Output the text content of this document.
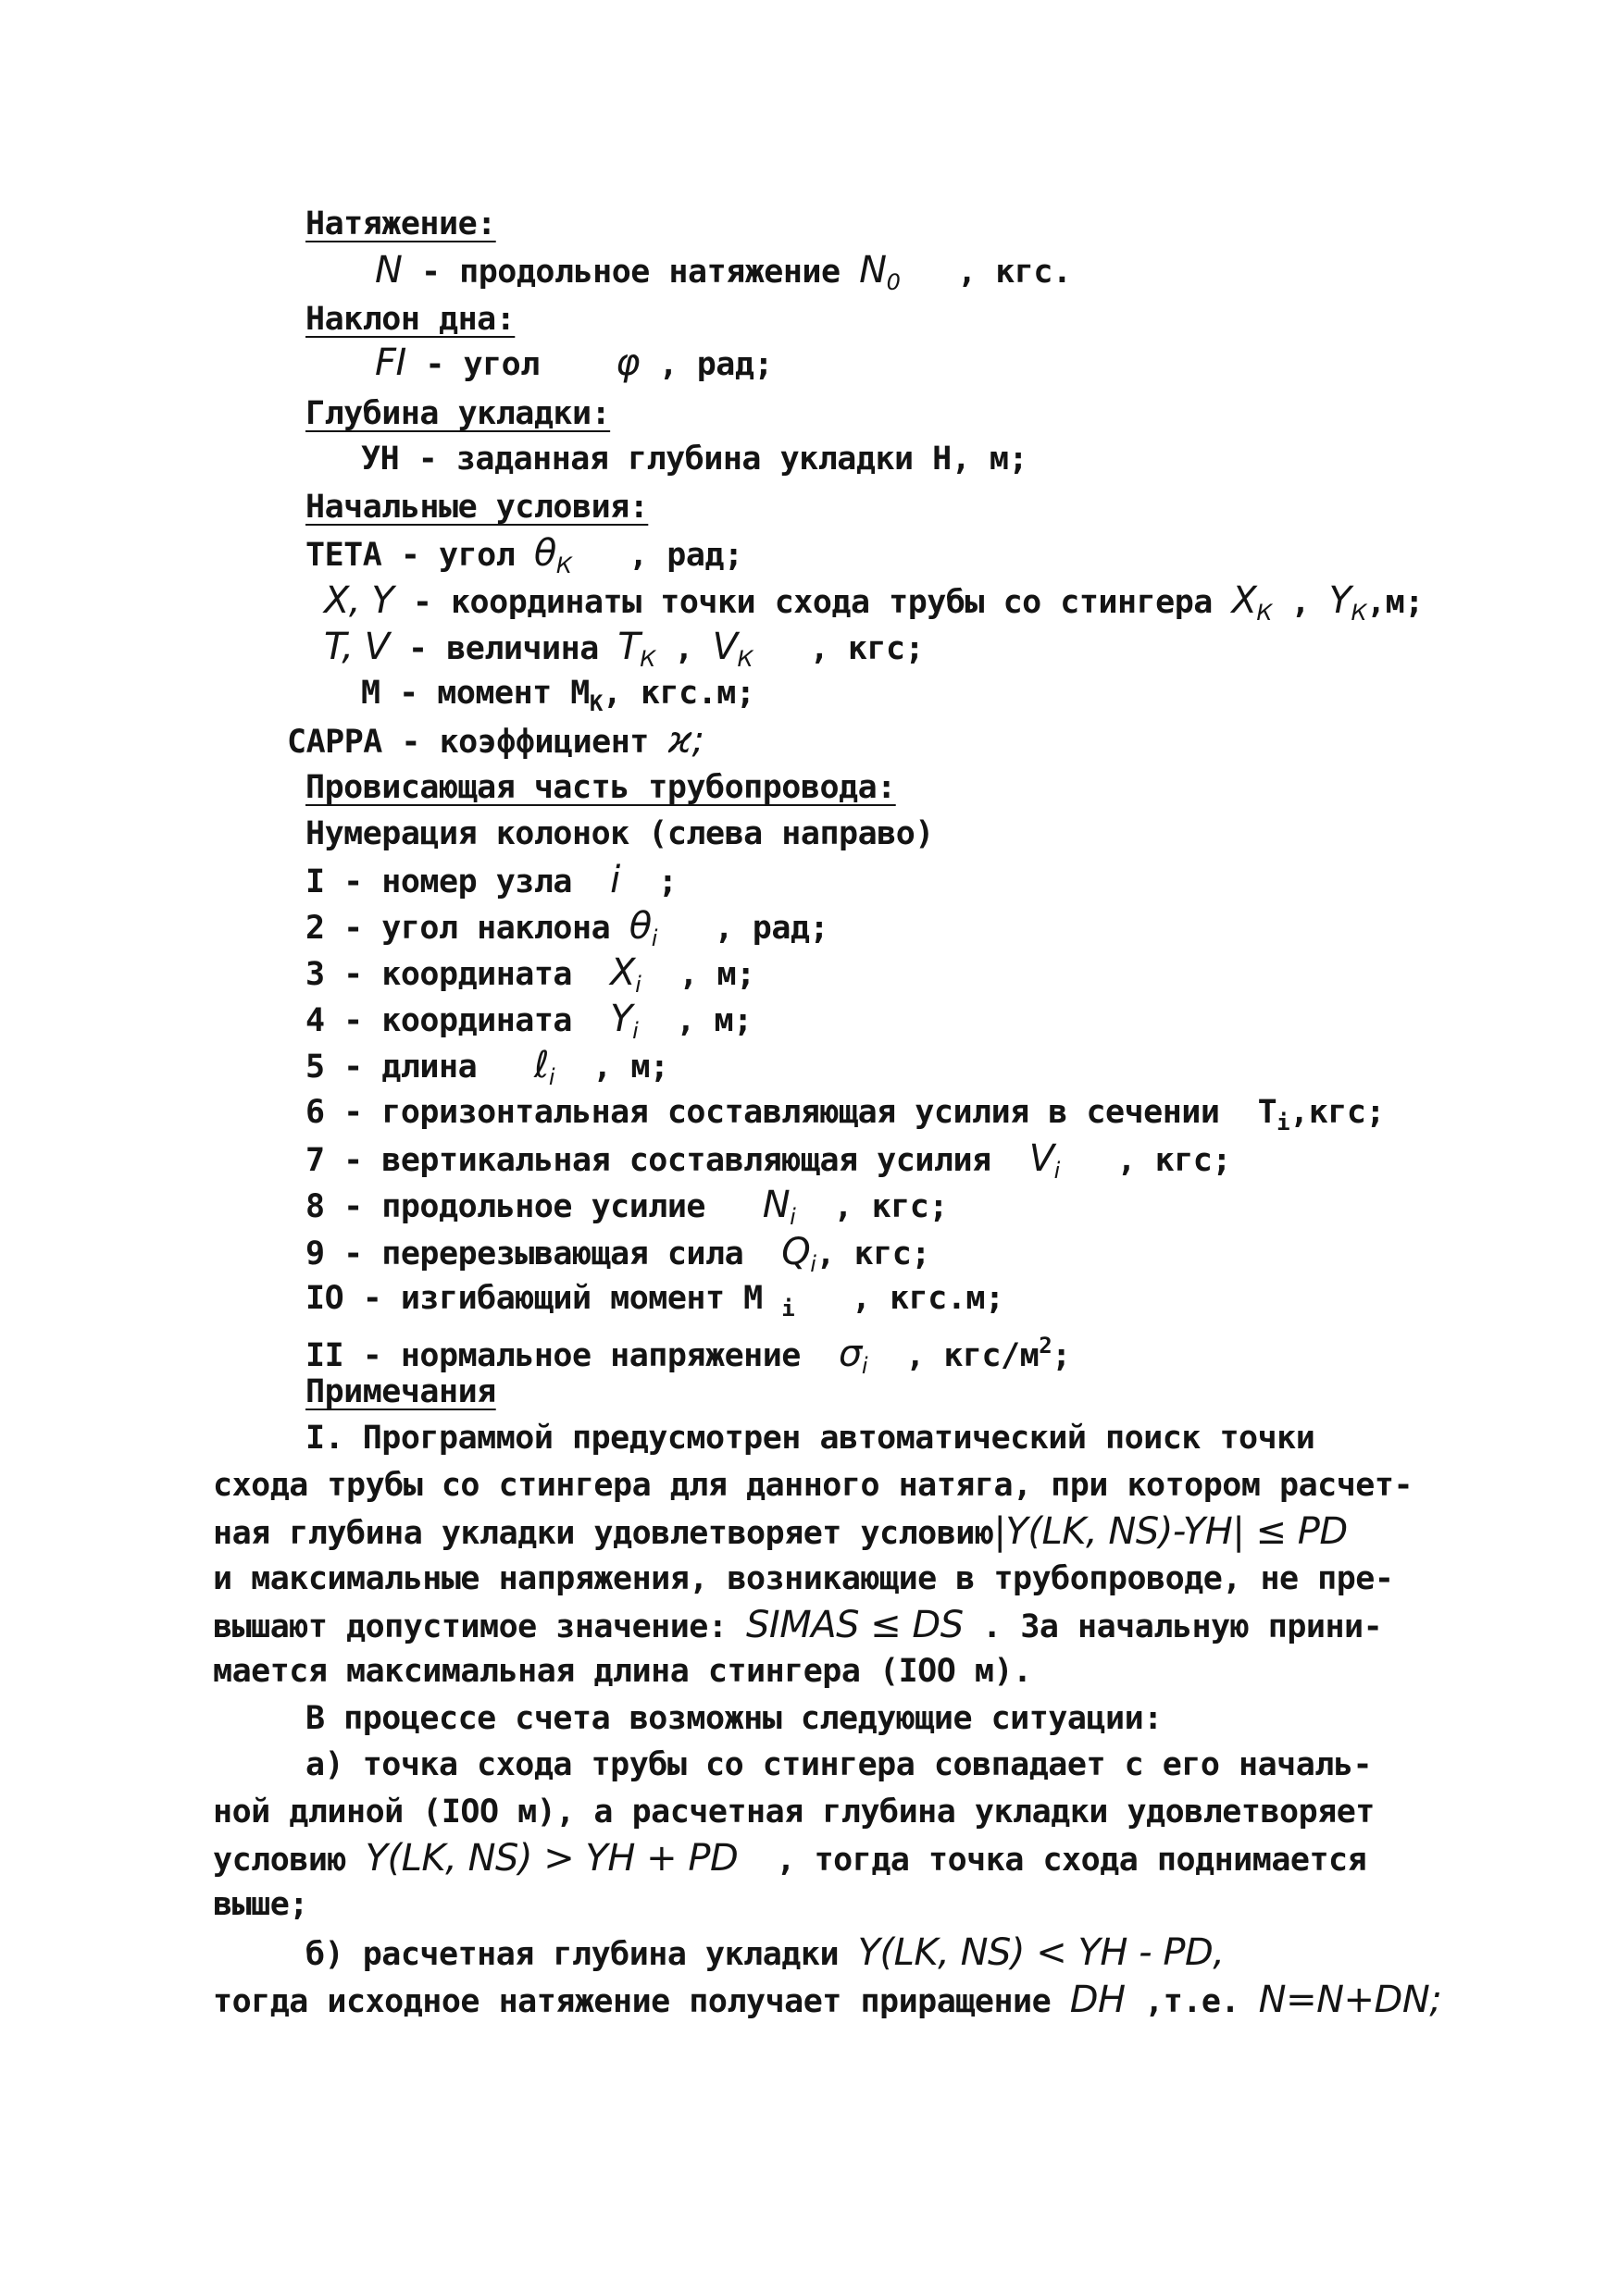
Натяжение:
N - продольное натяжение $N_0$   , кгс.
Наклон дна:
FI - угол    φ , рад;
Глубина укладки:
УН - заданная глубина укладки Н, м;
Начальные условия:
ТЕТА - угол $\theta_К$   , рад;
X, Y - координаты точки схода трубы со стингера $X_К$ , $Y_К,м$;
T, V - величина $T_К$ , $V_К$   , кгс;
М - момент $М_К$, кгс.м;
САРРА - коэффициент ϰ;
Провисающая часть трубопровода:
Нумерация колонок (слева направо)
I - номер узла  i  ;
2 - угол наклона $\theta_i$   , рад;
3 - координата  $X_i$  , м;
4 - координата  $Y_i$  , м;
5 - длина   ℓ$_i$  , м;
6 - горизонтальная составляющая усилия в сечении  $T_i,кгс$;
7 - вертикальная составляющая усилия  $V_i$   , кгс;
8 - продольное усилие   $N_i$  , кгс;
9 - перерезывающая сила  $Q_i$, кгс;
IO - изгибающий момент М $_i$   , кгс.м;
II - нормальное напряжение  $\sigma_i$  , кгс/$м^2$;
Примечания
I. Программой предусмотрен автоматический поиск точки
схода трубы со стингера для данного натяга, при котором расчет-
ная глубина укладки удовлетворяет условию|Y(LK, NS)-YH| ≤ PD
и максимальные напряжения, возникающие в трубопроводе, не пре-
вышают допустимое значение: SIMAS ≤ DS . За начальную прини-
мается максимальная длина стингера (IOO м).
В процессе счета возможны следующие ситуации:
а) точка схода трубы со стингера совпадает с его началь-
ной длиной (IOO м), а расчетная глубина укладки удовлетворяет
условию Y(LK, NS) > YH + PD  , тогда точка схода поднимается
выше;
б) расчетная глубина укладки Y(LK, NS) < YH - PD,
тогда исходное натяжение получает приращение DH ,т.е. N=N+DN;
